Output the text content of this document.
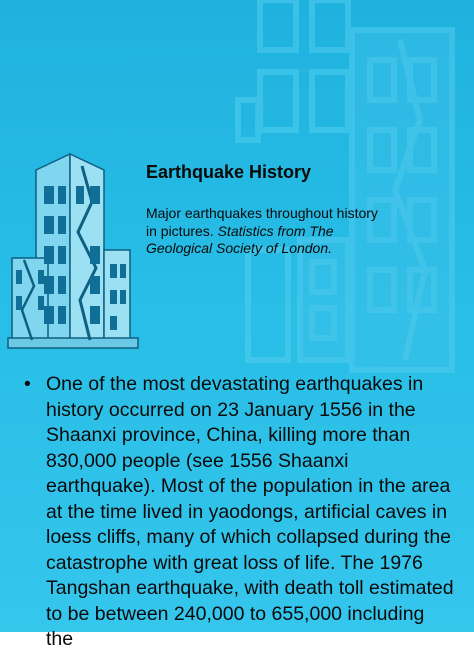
Earthquake History

Major earthquakes throughout history in pictures. Statistics from The Geological Society of London.

• One of the most devastating earthquakes in history occurred on 23 January 1556 in the Shaanxi province, China, killing more than 830,000 people (see 1556 Shaanxi earthquake). Most of the population in the area at the time lived in yaodongs, artificial caves in loess cliffs, many of which collapsed during the catastrophe with great loss of life. The 1976 Tangshan earthquake, with death toll estimated to be between 240,000 to 655,000 including the
